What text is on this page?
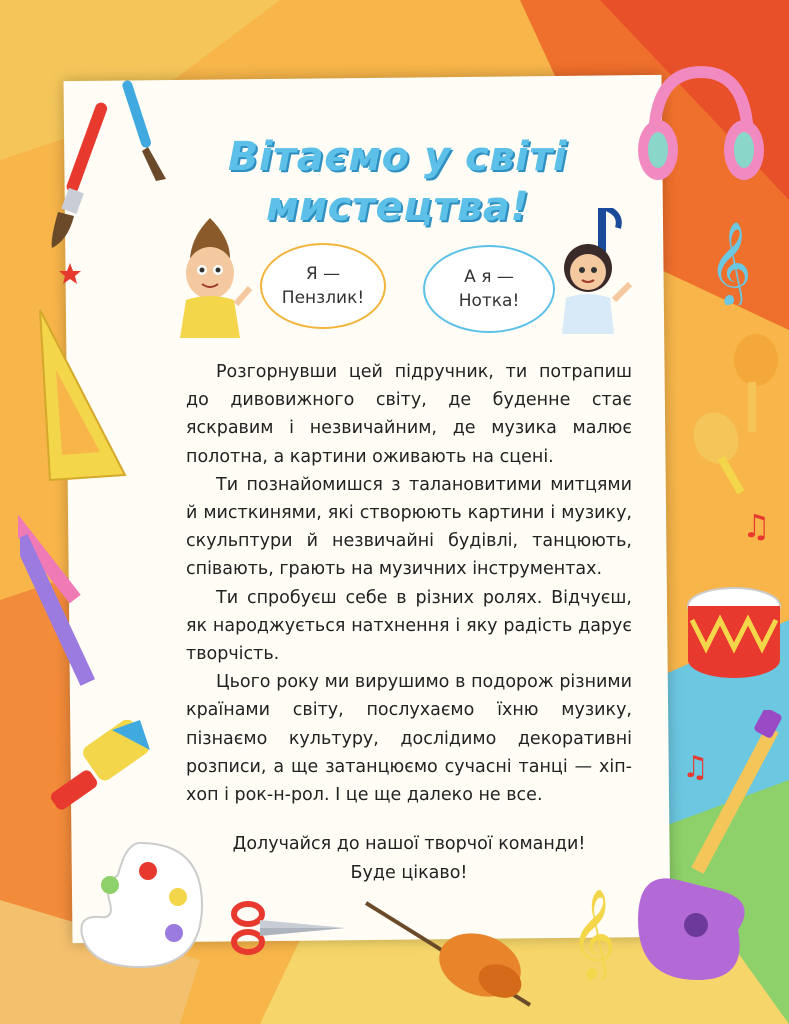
𝄞
♫
𝄞
♫
Вітаємо у світі мистецтва!
Я —
Пензлик!
А я —
Нотка!

Розгорнувши цей підручник, ти потрапиш до дивовижного світу, де буденне стає яскравим і незвичайним, де музика малює полотна, а картини оживають на сцені.

Ти познайомишся з талановитими митцями й мисткинями, які створюють картини і музику, скульптури й незвичайні будівлі, танцюють, співають, грають на музичних інструментах.

Ти спробуєш себе в різних ролях. Відчуєш, як народжується натхнення і яку радість дарує творчість.

Цього року ми вирушимо в подорож різними країнами світу, послухаємо їхню музику, пізнаємо культуру, дослідимо декоративні розписи, а ще затанцюємо сучасні танці — хіп-хоп і рок-н-рол. І це ще далеко не все.

Долучайся до нашої творчої команди!
Буде цікаво!
